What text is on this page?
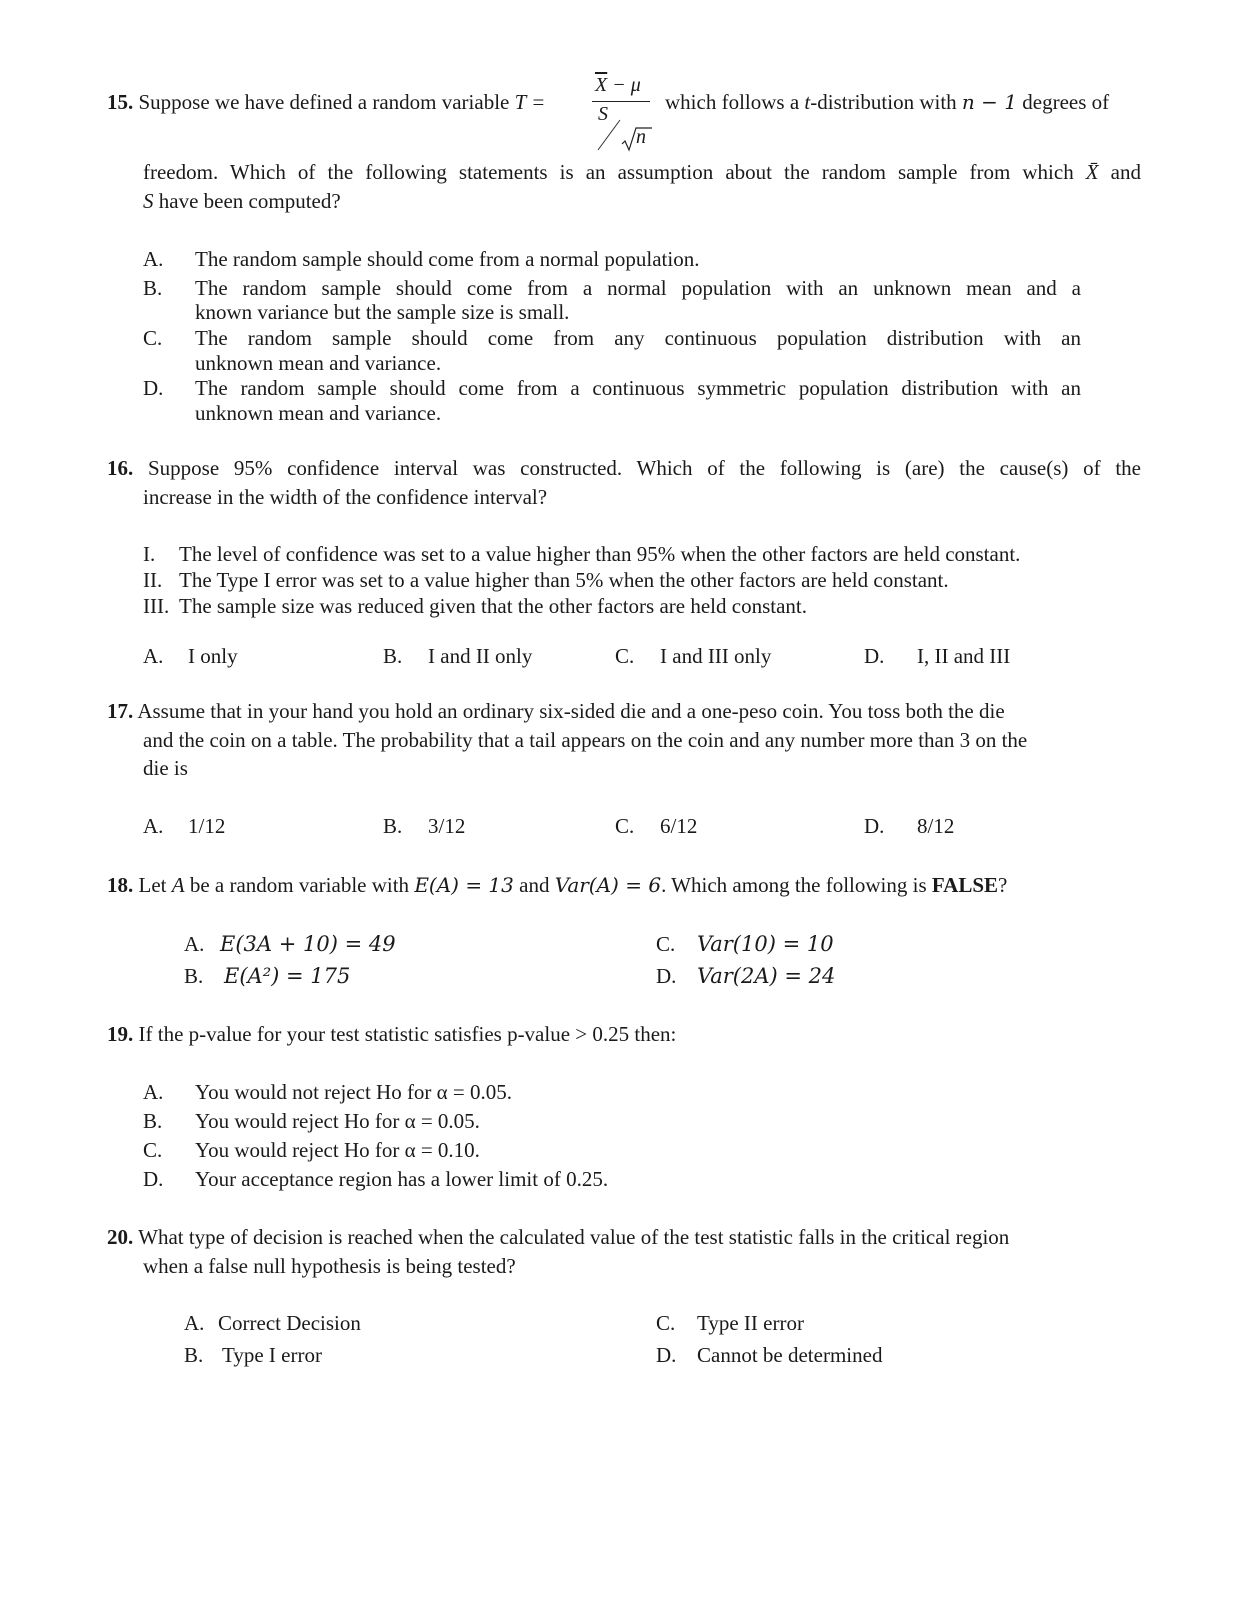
15. Suppose we have defined a random variable T =
$\overline{X} - \mu$
S
n
which follows a t-distribution with n − 1 degrees of
freedom. Which of the following statements is an assumption about the random sample from which X̄ and
S have been computed?
A. The random sample should come from a normal population.
B. The random sample should come from a normal population with an unknown mean and a
known variance but the sample size is small.
C. The random sample should come from any continuous population distribution with an
unknown mean and variance.
D. The random sample should come from a continuous symmetric population distribution with an
unknown mean and variance.
16. Suppose 95% confidence interval was constructed. Which of the following is (are) the cause(s) of the
increase in the width of the confidence interval?
I. The level of confidence was set to a value higher than 95% when the other factors are held constant.
II. The Type I error was set to a value higher than 5% when the other factors are held constant.
III. The sample size was reduced given that the other factors are held constant.
A. I only	B. I and II only	C. I and III only	D. I, II and III
17. Assume that in your hand you hold an ordinary six-sided die and a one-peso coin. You toss both the die
and the coin on a table. The probability that a tail appears on the coin and any number more than 3 on the
die is
A. 1/12	B. 3/12	C. 6/12	D. 8/12
18. Let A be a random variable with E(A) = 13 and Var(A) = 6. Which among the following is FALSE?
A. E(3A + 10) = 49
B. E(A²) = 175
C. Var(10) = 10
D. Var(2A) = 24
19. If the p-value for your test statistic satisfies p-value > 0.25 then:
A. You would not reject Ho for α = 0.05.
B. You would reject Ho for α = 0.05.
C. You would reject Ho for α = 0.10.
D. Your acceptance region has a lower limit of 0.25.
20. What type of decision is reached when the calculated value of the test statistic falls in the critical region
when a false null hypothesis is being tested?
A. Correct Decision
B. Type I error
C. Type II error
D. Cannot be determined
